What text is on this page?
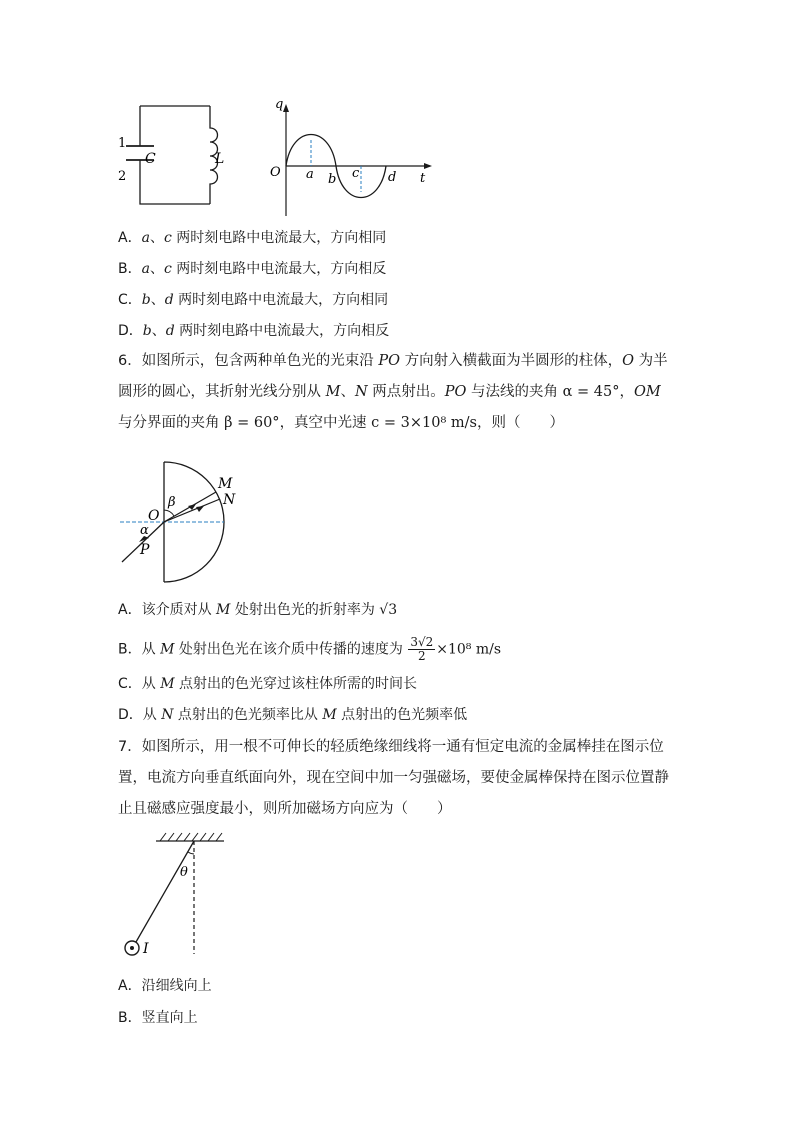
1
2
C	L
q
t
O a b c d
A．a、c 两时刻电路中电流最大，方向相同
B．a、c 两时刻电路中电流最大，方向相反
C．b、d 两时刻电路中电流最大，方向相同
D．b、d 两时刻电路中电流最大，方向相反
6．如图所示，包含两种单色光的光束沿 PO 方向射入横截面为半圆形的柱体，O 为半圆形的圆心，其折射光线分别从 M、N 两点射出。PO 与法线的夹角 α = 45°，OM 与分界面的夹角 β = 60°，真空中光速 c = 3×10⁸ m/s，则（　　）
M
N
O
β
α
P
A．该介质对从 M 处射出色光的折射率为 √3
B．从 M 处射出色光在该介质中传播的速度为 $\frac{3√2}{2} \times 10^8$ m/s
C．从 M 点射出的色光穿过该柱体所需的时间长
D．从 N 点射出的色光频率比从 M 点射出的色光频率低
7．如图所示，用一根不可伸长的轻质绝缘细线将一通有恒定电流的金属棒挂在图示位置，电流方向垂直纸面向外，现在空间中加一匀强磁场，要使金属棒保持在图示位置静止且磁感应强度最小，则所加磁场方向应为（　　）
θ
I
A．沿细线向上
B．竖直向上
